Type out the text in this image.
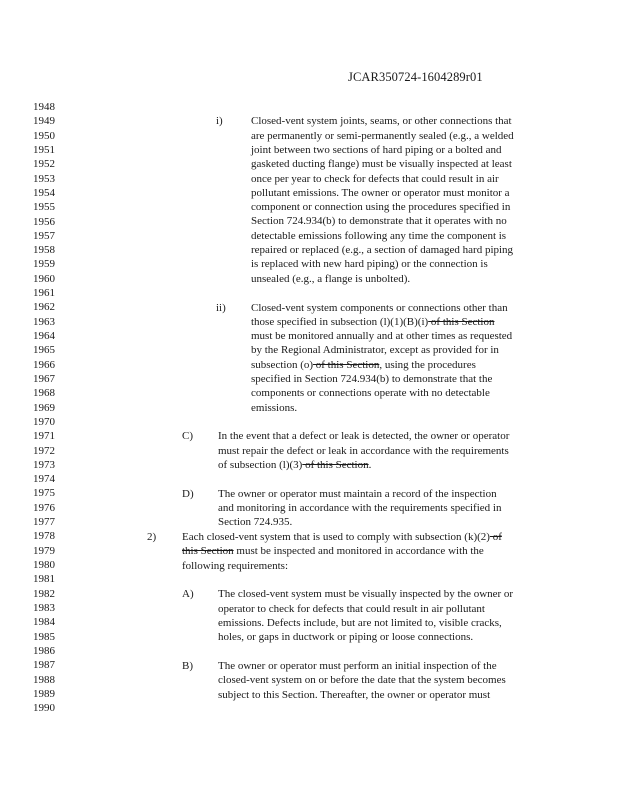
JCAR350724-1604289r01
1948
1949
1950
1951
1952
1953
1954
1955
1956
1957
1958
1959
1960
1961
1962
1963
1964
1965
1966
1967
1968
1969
1970
1971
1972
1973
1974
1975
1976
1977
1978
1979
1980
1981
1982
1983
1984
1985
1986
1987
1988
1989
1990
i)	Closed-vent system joints, seams, or other connections that
are permanently or semi-permanently sealed (e.g., a welded
joint between two sections of hard piping or a bolted and
gasketed ducting flange) must be visually inspected at least
once per year to check for defects that could result in air
pollutant emissions. The owner or operator must monitor a
component or connection using the procedures specified in
Section 724.934(b) to demonstrate that it operates with no
detectable emissions following any time the component is
repaired or replaced (e.g., a section of damaged hard piping
is replaced with new hard piping) or the connection is
unsealed (e.g., a flange is unbolted).
ii) Closed-vent system components or connections other than
those specified in subsection (l)(1)(B)(i) of this Section
must be monitored annually and at other times as requested
by the Regional Administrator, except as provided for in
subsection (o) of this Section, using the procedures
specified in Section 724.934(b) to demonstrate that the
components or connections operate with no detectable
emissions.
C) In the event that a defect or leak is detected, the owner or operator
must repair the defect or leak in accordance with the requirements
of subsection (l)(3) of this Section.
D) The owner or operator must maintain a record of the inspection
and monitoring in accordance with the requirements specified in
Section 724.935.
2) Each closed-vent system that is used to comply with subsection (k)(2) of
this Section must be inspected and monitored in accordance with the
following requirements:
A) The closed-vent system must be visually inspected by the owner or
operator to check for defects that could result in air pollutant
emissions. Defects include, but are not limited to, visible cracks,
holes, or gaps in ductwork or piping or loose connections.
B) The owner or operator must perform an initial inspection of the
closed-vent system on or before the date that the system becomes
subject to this Section. Thereafter, the owner or operator must
